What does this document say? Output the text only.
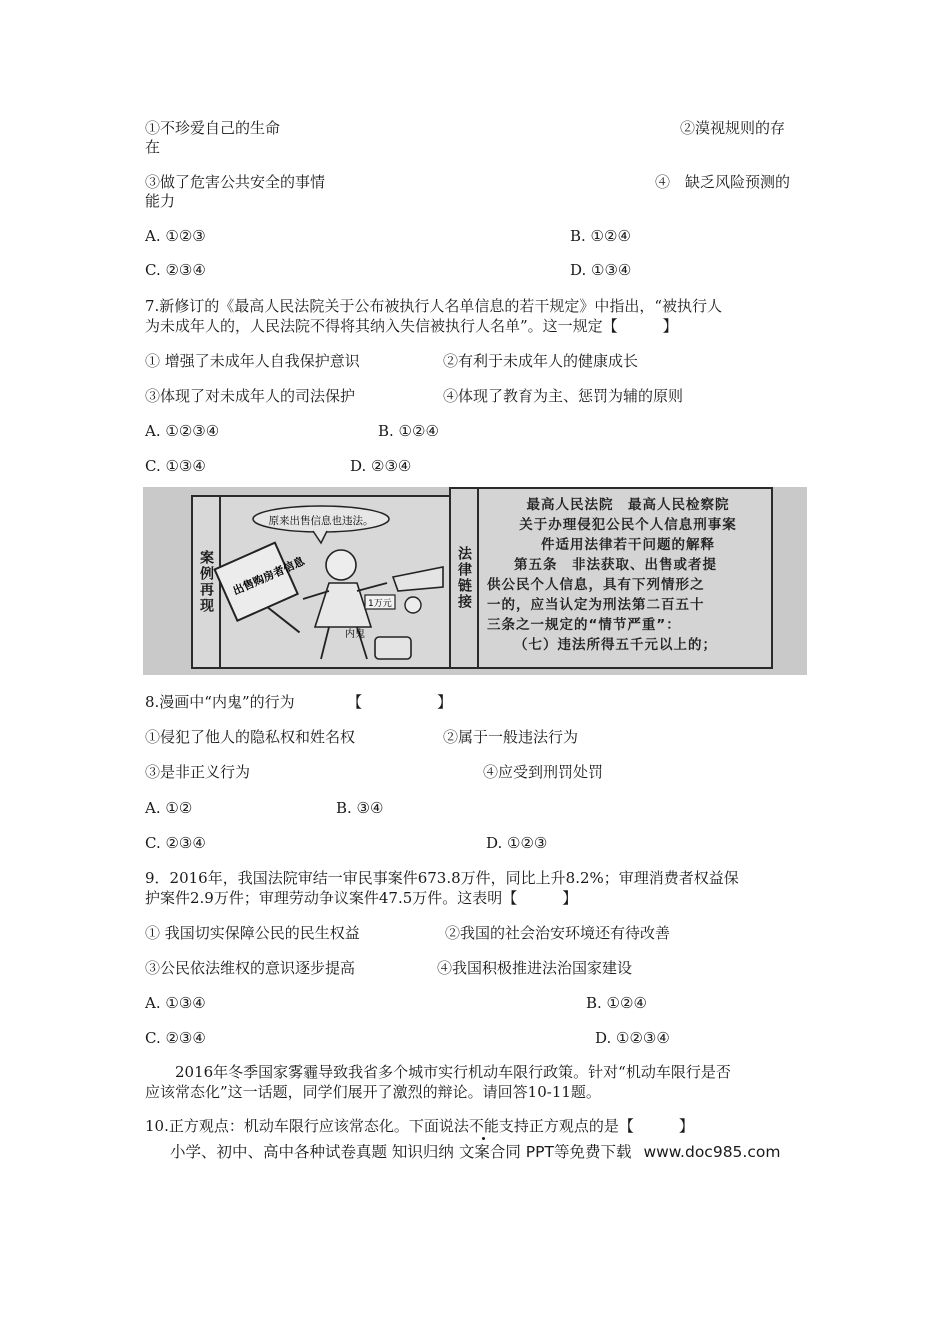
①不珍爱自己的生命	②漠视规则的存
在
③做了危害公共安全的事情	④　缺乏风险预测的
能力
A. ①②③	B. ①②④
C. ②③④	D. ①③④
7.新修订的《最高人民法院关于公布被执行人名单信息的若干规定》中指出，“被执行人
为未成年人的，人民法院不得将其纳入失信被执行人名单”。这一规定【　　　】
① 增强了未成年人自我保护意识	②有利于未成年人的健康成长
③体现了对未成年人的司法保护	④体现了教育为主、惩罚为辅的原则
A. ①②③④	B. ①②④
C. ①③④	D. ②③④
案例再现
原来出售信息也违法。
出售购房者信息
内鬼
1万元	法律链接
最高人民法院　最高人民检察院
关于办理侵犯公民个人信息刑事案
件适用法律若干问题的解释
第五条　非法获取、出售或者提
供公民个人信息，具有下列情形之
一的，应当认定为刑法第二百五十
三条之一规定的“情节严重”：
（七）违法所得五千元以上的；
8.漫画中“内鬼”的行为　　　　【　　　　　】
①侵犯了他人的隐私权和姓名权	②属于一般违法行为
③是非正义行为	④应受到刑罚处罚
A. ①②	B. ③④
C. ②③④	D. ①②③
9．2016年，我国法院审结一审民事案件673.8万件，同比上升8.2%；审理消费者权益保
护案件2.9万件；审理劳动争议案件47.5万件。这表明【　　　】
① 我国切实保障公民的民生权益	②我国的社会治安环境还有待改善
③公民依法维权的意识逐步提高	④我国积极推进法治国家建设
A. ①③④	B. ①②④
C. ②③④	D. ①②③④
2016年冬季国家雾霾导致我省多个城市实行机动车限行政策。针对“机动车限行是否
应该常态化”这一话题，同学们展开了激烈的辩论。请回答10-11题。
10.正方观点：机动车限行应该常态化。下面说法不能支持正方观点的是【　　　】
小学、初中、高中各种试卷真题 知识归纳 文案合同 PPT等免费下载 www.doc985.com
